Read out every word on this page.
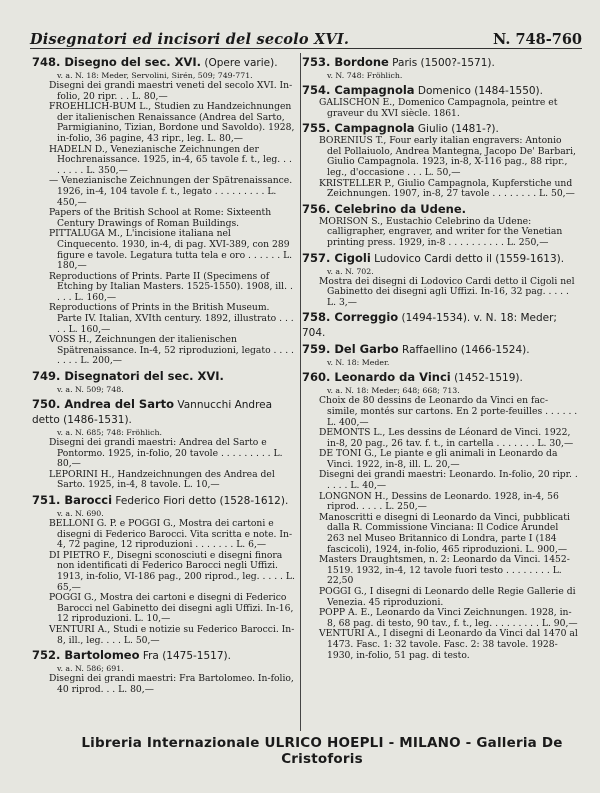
Disegnatori ed incisori del secolo XVI.	N. 748-760
748. Disegno del sec. XVI. (Opere varie).
v. a. N. 18: Meder, Servolini, Sirén, 509; 749-771.
Disegni dei grandi maestri veneti del secolo XVI. In-folio, 20 ripr. . . L. 80,—
FROEHLICH-BUM L., Studien zu Handzeichnungen der italienischen Renaissance (Andrea del Sarto, Parmigianino, Tizian, Bordone und Savoldo). 1928, in-folio, 36 pagine, 43 ripr., leg. L. 80,—
HADELN D., Venezianische Zeichnungen der Hochrenaissance. 1925, in-4, 65 tavole f. t., leg. . . . . . . . L. 350,—
— Venezianische Zeichnungen der Spätrenaissance. 1926, in-4, 104 tavole f. t., legato . . . . . . . . . L. 450,—
Papers of the British School at Rome: Sixteenth Century Drawings of Roman Buildings.
PITTALUGA M., L'incisione italiana nel Cinquecento. 1930, in-4, di pag. XVI-389, con 289 figure e tavole. Legatura tutta tela e oro . . . . . . L. 180,—
Reproductions of Prints. Parte II (Specimens of Etching by Italian Masters. 1525-1550). 1908, ill. . . . . L. 160,—
Reproductions of Prints in the British Museum. Parte IV. Italian, XVIth century. 1892, illustrato . . . . . L. 160,—
VOSS H., Zeichnungen der italienischen Spätrenaissance. In-4, 52 riproduzioni, legato . . . . . . . . L. 200,—
749. Disegnatori del sec. XVI.
v. a. N. 509; 748.
750. Andrea del Sarto Vannucchi Andrea detto (1486-1531).
v. a. N. 685; 748: Fröhlich.
Disegni dei grandi maestri: Andrea del Sarto e Pontormo. 1925, in-folio, 20 tavole . . . . . . . . . L. 80,—
LEPORINI H., Handzeichnungen des Andrea del Sarto. 1925, in-4, 8 tavole. L. 10,—
751. Barocci Federico Fiori detto (1528-1612).
v. a. N. 690.
BELLONI G. P. e POGGI G., Mostra dei cartoni e disegni di Federico Barocci. Vita scritta e note. In-4, 72 pagine, 12 riproduzioni . . . . . . . L. 6,—
DI PIETRO F., Disegni sconosciuti e disegni finora non identificati di Federico Barocci negli Uffizi. 1913, in-folio, VI-186 pag., 200 riprod., leg. . . . . L. 65,—
POGGI G., Mostra dei cartoni e disegni di Federico Barocci nel Gabinetto dei disegni agli Uffizi. In-16, 12 riproduzioni. L. 10,—
VENTURI A., Studi e notizie su Federico Barocci. In-8, ill., leg. . . . L. 50,—
752. Bartolomeo Fra (1475-1517).
v. a. N. 586; 691.
Disegni dei grandi maestri: Fra Bartolomeo. In-folio, 40 riprod. . . L. 80,—
753. Bordone Paris (1500?-1571).
v. N. 748: Fröhlich.
754. Campagnola Domenico (1484-1550).
GALISCHON E., Domenico Campagnola, peintre et graveur du XVI siècle. 1861.
755. Campagnola Giulio (1481-?).
BORENIUS T., Four early italian engravers: Antonio del Pollaiuolo, Andrea Mantegna, Jacopo De' Barbari, Giulio Campagnola. 1923, in-8, X-116 pag., 88 ripr., leg., d'occasione . . . L. 50,—
KRISTELLER P., Giulio Campagnola, Kupferstiche und Zeichnungen. 1907, in-8, 27 tavole . . . . . . . . L. 50,—
756. Celebrino da Udene.
MORISON S., Eustachio Celebrino da Udene: calligrapher, engraver, and writer for the Venetian printing press. 1929, in-8 . . . . . . . . . . L. 250,—
757. Cigoli Ludovico Cardi detto il (1559-1613).
v. a. N. 702.
Mostra dei disegni di Lodovico Cardi detto il Cigoli nel Gabinetto dei disegni agli Uffizi. In-16, 32 pag. . . . . L. 3,—
758. Correggio (1494-1534). v. N. 18: Meder; 704.
759. Del Garbo Raffaellino (1466-1524).
v. N. 18: Meder.
760. Leonardo da Vinci (1452-1519).
v. a. N. 18: Meder; 648; 668; 713.
Choix de 80 dessins de Leonardo da Vinci en fac-simile, montés sur cartons. En 2 porte-feuilles . . . . . . L. 400,—
DEMONTS L., Les dessins de Léonard de Vinci. 1922, in-8, 20 pag., 26 tav. f. t., in cartella . . . . . . . L. 30,—
DE TONI G., Le piante e gli animali in Leonardo da Vinci. 1922, in-8, ill. L. 20,—
Disegni dei grandi maestri: Leonardo. In-folio, 20 ripr. . . . . . L. 40,—
LONGNON H., Dessins de Leonardo. 1928, in-4, 56 riprod. . . . . L. 250,—
Manoscritti e disegni di Leonardo da Vinci, pubblicati dalla R. Commissione Vinciana: Il Codice Arundel 263 nel Museo Britannico di Londra, parte I (184 fascicoli), 1924, in-folio, 465 riproduzioni. L. 900,—
Masters Draughtsmen, n. 2: Leonardo da Vinci. 1452-1519. 1932, in-4, 12 tavole fuori testo . . . . . . . . L. 22,50
POGGI G., I disegni di Leonardo delle Regie Gallerie di Venezia. 45 riproduzioni.
POPP A. E., Leonardo da Vinci Zeichnungen. 1928, in-8, 68 pag. di testo, 90 tav., f. t., leg. . . . . . . . . L. 90,—
VENTURI A., I disegni di Leonardo da Vinci dal 1470 al 1473. Fasc. 1: 32 tavole. Fasc. 2: 38 tavole. 1928-1930, in-folio, 51 pag. di testo.
Libreria Internazionale ULRICO HOEPLI - MILANO - Galleria De Cristoforis
